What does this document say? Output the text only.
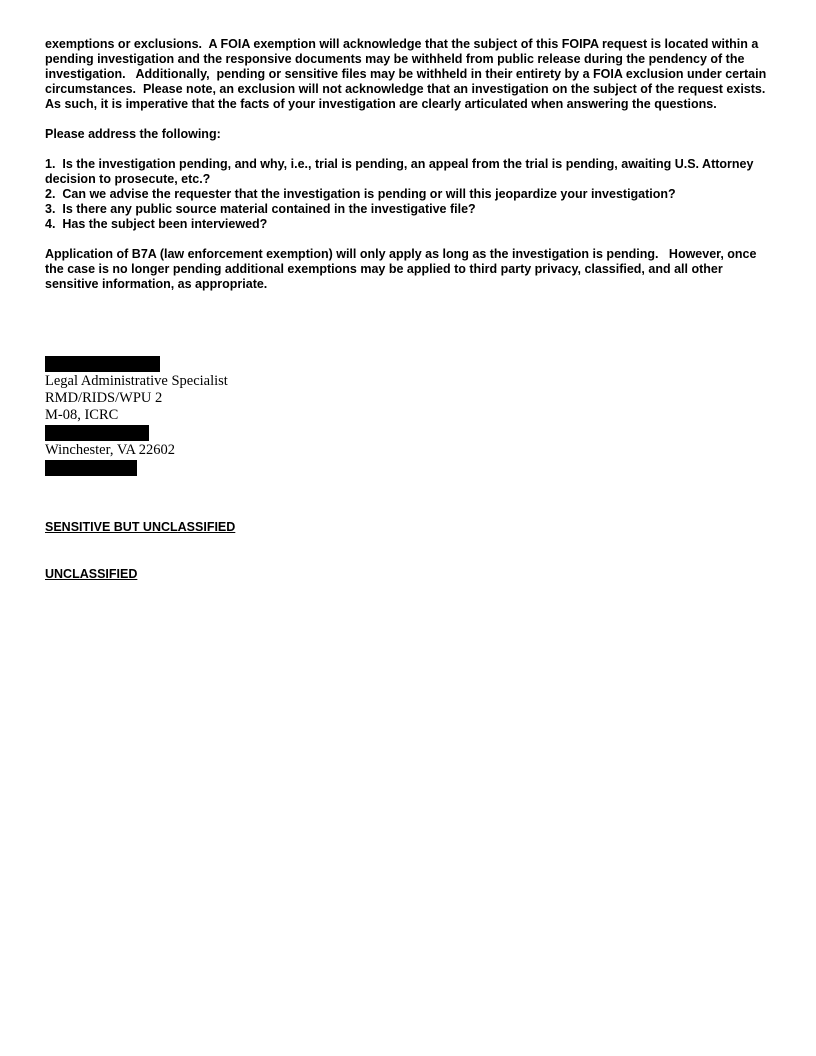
exemptions or exclusions.  A FOIA exemption will acknowledge that the subject of this FOIPA request is located within a pending investigation and the responsive documents may be withheld from public release during the pendency of the investigation.   Additionally,  pending or sensitive files may be withheld in their entirety by a FOIA exclusion under certain circumstances.  Please note, an exclusion will not acknowledge that an investigation on the subject of the request exists.  As such, it is imperative that the facts of your investigation are clearly articulated when answering the questions.

Please address the following:

1.  Is the investigation pending, and why, i.e., trial is pending, an appeal from the trial is pending, awaiting U.S. Attorney decision to prosecute, etc.?
2.  Can we advise the requester that the investigation is pending or will this jeopardize your investigation?
3.  Is there any public source material contained in the investigative file?
4.  Has the subject been interviewed?

Application of B7A (law enforcement exemption) will only apply as long as the investigation is pending.   However, once the case is no longer pending additional exemptions may be applied to third party privacy, classified, and all other sensitive information, as appropriate.

Legal Administrative Specialist

RMD/RIDS/WPU 2

M-08, ICRC

Winchester, VA 22602

SENSITIVE BUT UNCLASSIFIED

UNCLASSIFIED
